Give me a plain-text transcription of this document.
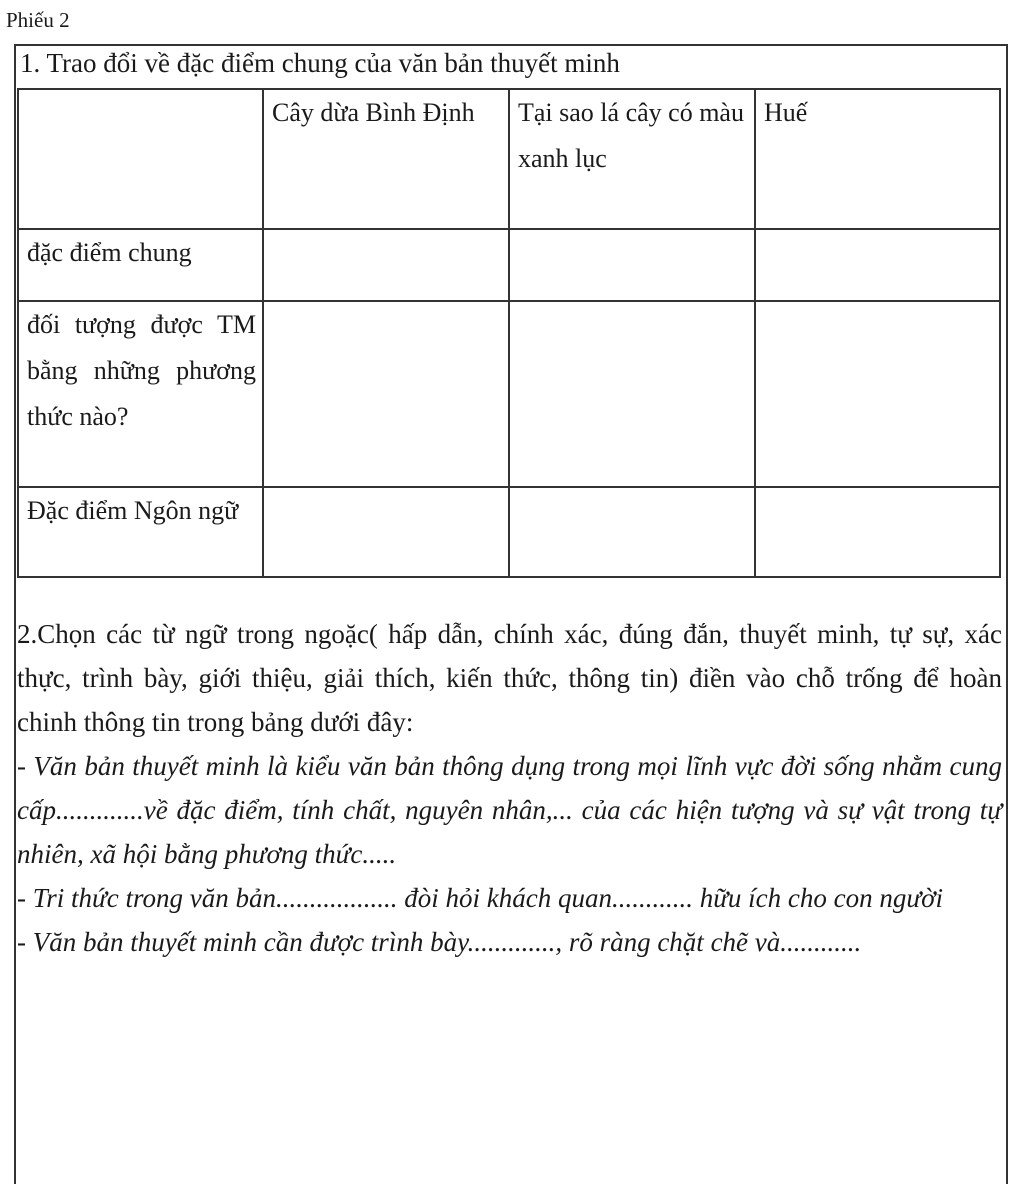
Phiếu 2
1. Trao đổi về đặc điểm chung của văn bản thuyết minh
	Cây dừa Bình Định	Tại sao lá cây có màu xanh lục	Huế
đặc điểm chung			
đối tượng được TM bằng những phương thức nào?			
Đặc điểm Ngôn ngữ			

2.Chọn các từ ngữ trong ngoặc( hấp dẫn, chính xác, đúng đắn, thuyết minh, tự sự, xác thực, trình bày, giới thiệu, giải thích, kiến thức, thông tin) điền vào chỗ trống để hoàn chinh thông tin trong bảng dưới đây:

- Văn bản thuyết minh là kiểu văn bản thông dụng trong mọi lĩnh vực đời sống nhằm cung cấp.............về đặc điểm, tính chất, nguyên nhân,... của các hiện tượng và sự vật trong tự nhiên, xã hội bằng phương thức.....

- Tri thức trong văn bản.................. đòi hỏi khách quan............ hữu ích cho con người

- Văn bản thuyết minh cần được trình bày............., rõ ràng chặt chẽ và............
